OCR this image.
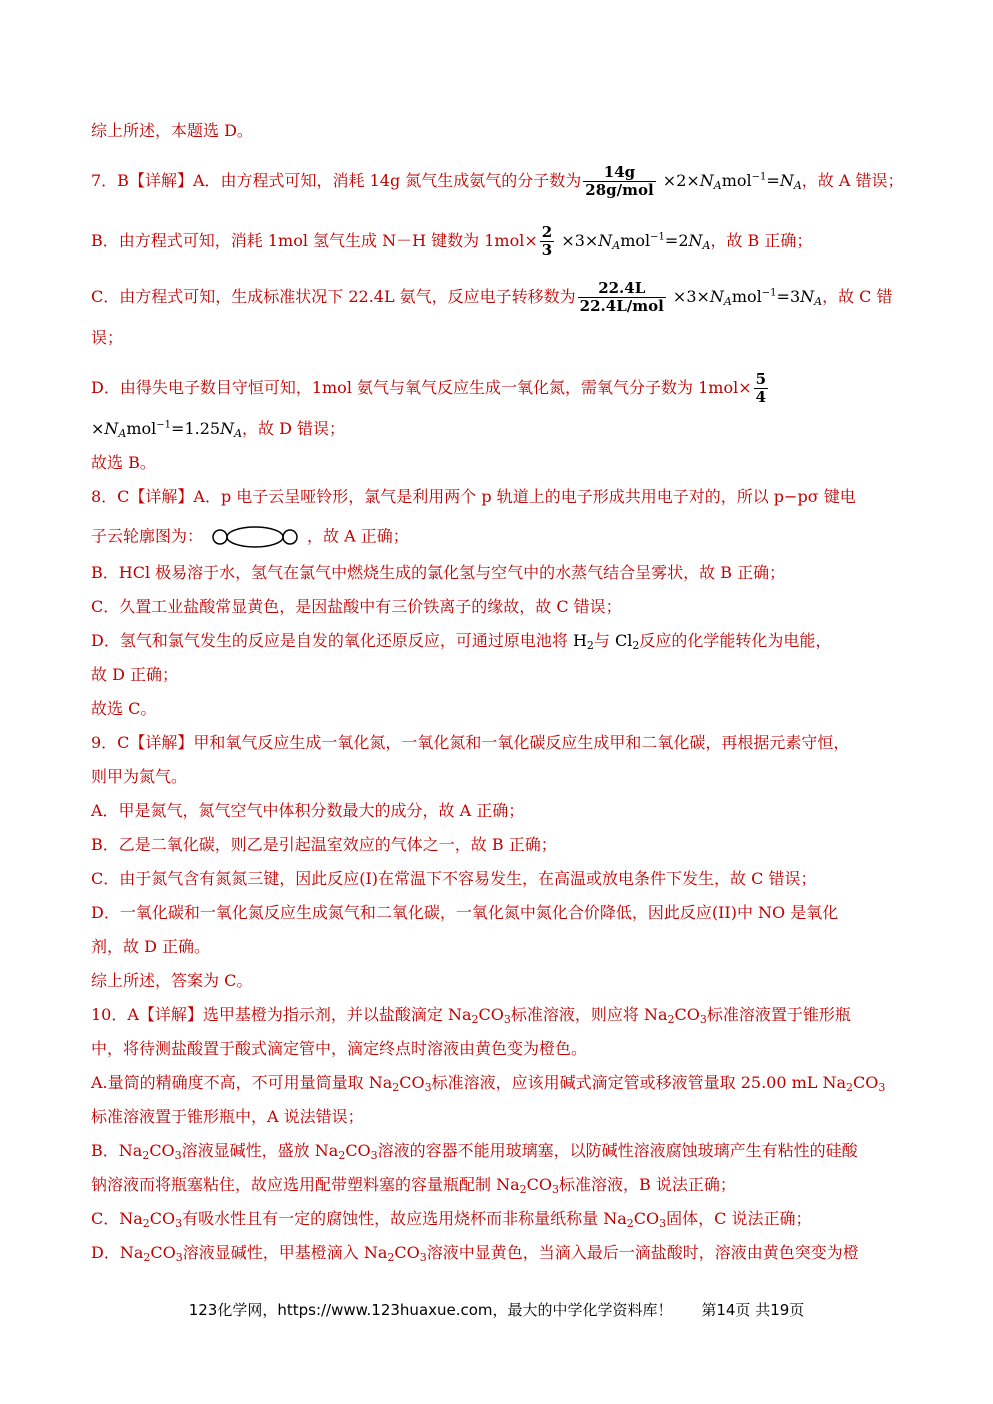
综上所述，本题选 D。
7．B【详解】A．由方程式可知，消耗 14g 氮气生成氨气的分子数为 $\frac{14g}{\text{28g/mol}} \times 2\times N_Amol^{-1}=N_A$，故 A 错误；
B．由方程式可知，消耗 1mol 氢气生成 N－H 键数为 $1mol\times \frac{2}{3} \times 3\times N_Amol^{-1}=2N_A$，故 B 正确；
C．由方程式可知，生成标准状况下 22.4L 氨气，反应电子转移数为 $\frac{22.4L}{\text{22.4L/mol}} \times 3\times N_Amol^{-1}=3N_A$，故 C 错
误；
D．由得失电子数目守恒可知，1mol 氨气与氧气反应生成一氧化氮，需氧气分子数为 $1mol\times \frac{5}{4}$
$\times N_Amol^{-1}=1.25N_A$，故 D 错误；
故选 B。
8．C【详解】A．p 电子云呈哑铃形，氯气是利用两个 p 轨道上的电子形成共用电子对的，所以 p−pσ 键电
子云轮廓图为：	，故 A 正确；
B．HCl 极易溶于水，氢气在氯气中燃烧生成的氯化氢与空气中的水蒸气结合呈雾状，故 B 正确；
C．久置工业盐酸常显黄色，是因盐酸中有三价铁离子的缘故，故 C 错误；
D．氢气和氯气发生的反应是自发的氧化还原反应，可通过原电池将 $H_2$与 $Cl_2$反应的化学能转化为电能，
故 D 正确；
故选 C。
9．C【详解】甲和氧气反应生成一氧化氮，一氧化氮和一氧化碳反应生成甲和二氧化碳，再根据元素守恒，
则甲为氮气。
A．甲是氮气，氮气空气中体积分数最大的成分，故 A 正确；
B．乙是二氧化碳，则乙是引起温室效应的气体之一，故 B 正确；
C．由于氮气含有氮氮三键，因此反应(I)在常温下不容易发生，在高温或放电条件下发生，故 C 错误；
D．一氧化碳和一氧化氮反应生成氮气和二氧化碳，一氧化氮中氮化合价降低，因此反应(II)中 NO 是氧化
剂，故 D 正确。
综上所述，答案为 C。
10．A【详解】选甲基橙为指示剂，并以盐酸滴定 $Na_2CO_3$标准溶液，则应将 $Na_2CO_3$标准溶液置于锥形瓶
中，将待测盐酸置于酸式滴定管中，滴定终点时溶液由黄色变为橙色。
A.量筒的精确度不高，不可用量筒量取 $Na_2CO_3$标准溶液，应该用碱式滴定管或移液管量取 25.00 mL $Na_2CO_3$
标准溶液置于锥形瓶中，A 说法错误；
B．$Na_2CO_3$溶液显碱性，盛放 $Na_2CO_3$溶液的容器不能用玻璃塞，以防碱性溶液腐蚀玻璃产生有粘性的硅酸
钠溶液而将瓶塞粘住，故应选用配带塑料塞的容量瓶配制 $Na_2CO_3$标准溶液，B 说法正确；
C．$Na_2CO_3$有吸水性且有一定的腐蚀性，故应选用烧杯而非称量纸称量 $Na_2CO_3$固体，C 说法正确；
D．$Na_2CO_3$溶液显碱性，甲基橙滴入 $Na_2CO_3$溶液中显黄色，当滴入最后一滴盐酸时，溶液由黄色突变为橙
123化学网，https://www.123huaxue.com，最大的中学化学资料库！ 第14页 共19页
